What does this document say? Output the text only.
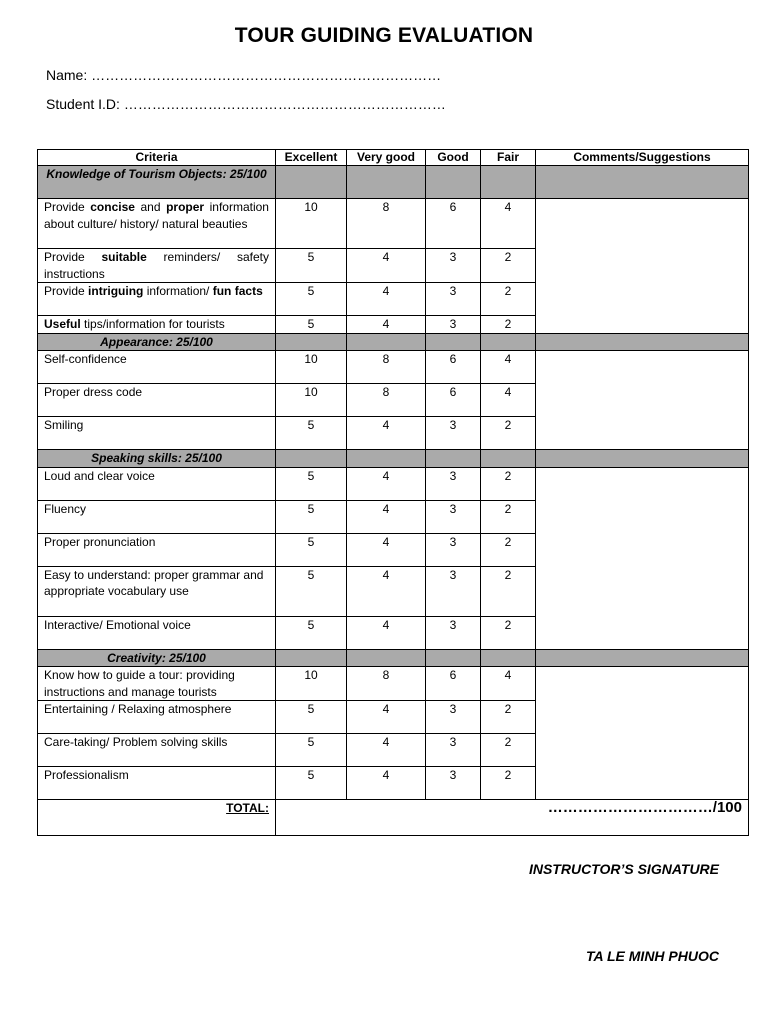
TOUR GUIDING EVALUATION
Name: …………………………………………………………………
Student I.D: ……………………………………………………………
Criteria	Excellent	Very good	Good	Fair	Comments/Suggestions
Knowledge of Tourism Objects: 25/100					
Provide concise and proper information about culture/ history/ natural beauties	10	8	6	4	
Provide suitable reminders/ safety instructions	5	4	3	2	
Provide intriguing information/ fun facts	5	4	3	2	
Useful tips/information for tourists	5	4	3	2	
Appearance: 25/100					
Self-confidence	10	8	6	4	
Proper dress code	10	8	6	4	
Smiling	5	4	3	2	
Speaking skills: 25/100					
Loud and clear voice	5	4	3	2	
Fluency	5	4	3	2	
Proper pronunciation	5	4	3	2	
Easy to understand: proper grammar and appropriate vocabulary use	5	4	3	2	
Interactive/ Emotional voice	5	4	3	2	
Creativity: 25/100					
Know how to guide a tour: providing instructions and manage tourists	10	8	6	4	
Entertaining / Relaxing atmosphere	5	4	3	2	
Care-taking/ Problem solving skills	5	4	3	2	
Professionalism	5	4	3	2	
TOTAL:	……………………………/100				
INSTRUCTOR’S SIGNATURE
TA LE MINH PHUOC
